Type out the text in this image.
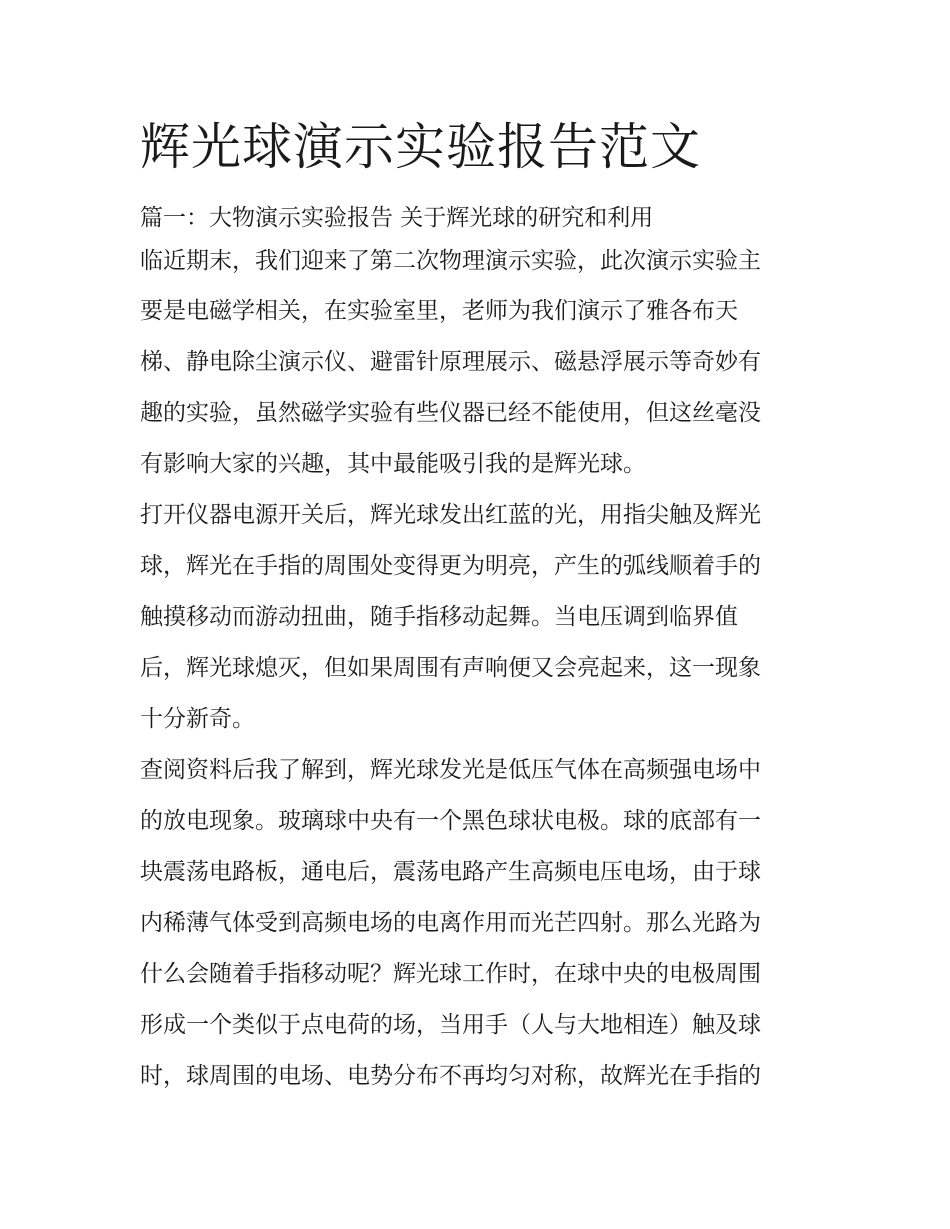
辉光球演示实验报告范文
篇一：大物演示实验报告 关于辉光球的研究和利用
临近期末，我们迎来了第二次物理演示实验，此次演示实验主
要是电磁学相关，在实验室里，老师为我们演示了雅各布天
梯、静电除尘演示仪、避雷针原理展示、磁悬浮展示等奇妙有
趣的实验，虽然磁学实验有些仪器已经不能使用，但这丝毫没
有影响大家的兴趣，其中最能吸引我的是辉光球。
打开仪器电源开关后，辉光球发出红蓝的光，用指尖触及辉光
球，辉光在手指的周围处变得更为明亮，产生的弧线顺着手的
触摸移动而游动扭曲，随手指移动起舞。当电压调到临界值
后，辉光球熄灭，但如果周围有声响便又会亮起来，这一现象
十分新奇。
查阅资料后我了解到，辉光球发光是低压气体在高频强电场中
的放电现象。玻璃球中央有一个黑色球状电极。球的底部有一
块震荡电路板，通电后，震荡电路产生高频电压电场，由于球
内稀薄气体受到高频电场的电离作用而光芒四射。那么光路为
什么会随着手指移动呢？辉光球工作时，在球中央的电极周围
形成一个类似于点电荷的场，当用手（人与大地相连）触及球
时，球周围的电场、电势分布不再均匀对称，故辉光在手指的
